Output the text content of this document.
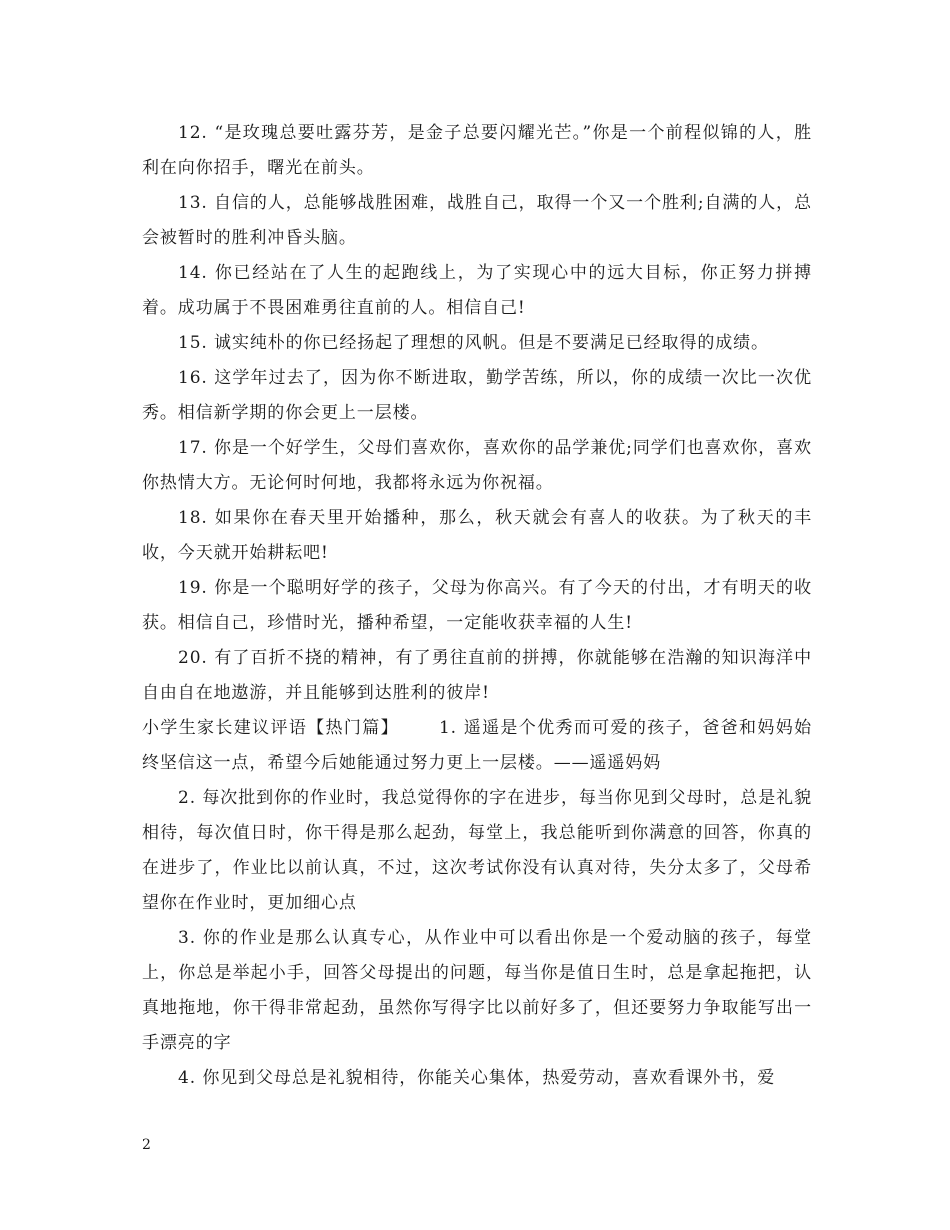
12. “是玫瑰总要吐露芬芳，是金子总要闪耀光芒。”你是一个前程似锦的人，胜利在向你招手，曙光在前头。

13. 自信的人，总能够战胜困难，战胜自己，取得一个又一个胜利;自满的人，总会被暂时的胜利冲昏头脑。

14. 你已经站在了人生的起跑线上，为了实现心中的远大目标，你正努力拼搏着。成功属于不畏困难勇往直前的人。相信自己!

15. 诚实纯朴的你已经扬起了理想的风帆。但是不要满足已经取得的成绩。

16. 这学年过去了，因为你不断进取，勤学苦练，所以，你的成绩一次比一次优秀。相信新学期的你会更上一层楼。

17. 你是一个好学生，父母们喜欢你，喜欢你的品学兼优;同学们也喜欢你，喜欢你热情大方。无论何时何地，我都将永远为你祝福。

18. 如果你在春天里开始播种，那么，秋天就会有喜人的收获。为了秋天的丰收，今天就开始耕耘吧!

19. 你是一个聪明好学的孩子，父母为你高兴。有了今天的付出，才有明天的收获。相信自己，珍惜时光，播种希望，一定能收获幸福的人生!

20. 有了百折不挠的精神，有了勇往直前的拼搏，你就能够在浩瀚的知识海洋中自由自在地遨游，并且能够到达胜利的彼岸!

小学生家长建议评语【热门篇】 1. 遥遥是个优秀而可爱的孩子，爸爸和妈妈始终坚信这一点，希望今后她能通过努力更上一层楼。——遥遥妈妈

2. 每次批到你的作业时，我总觉得你的字在进步，每当你见到父母时，总是礼貌相待，每次值日时，你干得是那么起劲，每堂上，我总能听到你满意的回答，你真的在进步了，作业比以前认真，不过，这次考试你没有认真对待，失分太多了，父母希望你在作业时，更加细心点

3. 你的作业是那么认真专心，从作业中可以看出你是一个爱动脑的孩子，每堂上，你总是举起小手，回答父母提出的问题，每当你是值日生时，总是拿起拖把，认真地拖地，你干得非常起劲，虽然你写得字比以前好多了，但还要努力争取能写出一手漂亮的字

4. 你见到父母总是礼貌相待，你能关心集体，热爱劳动，喜欢看课外书，爱

2
